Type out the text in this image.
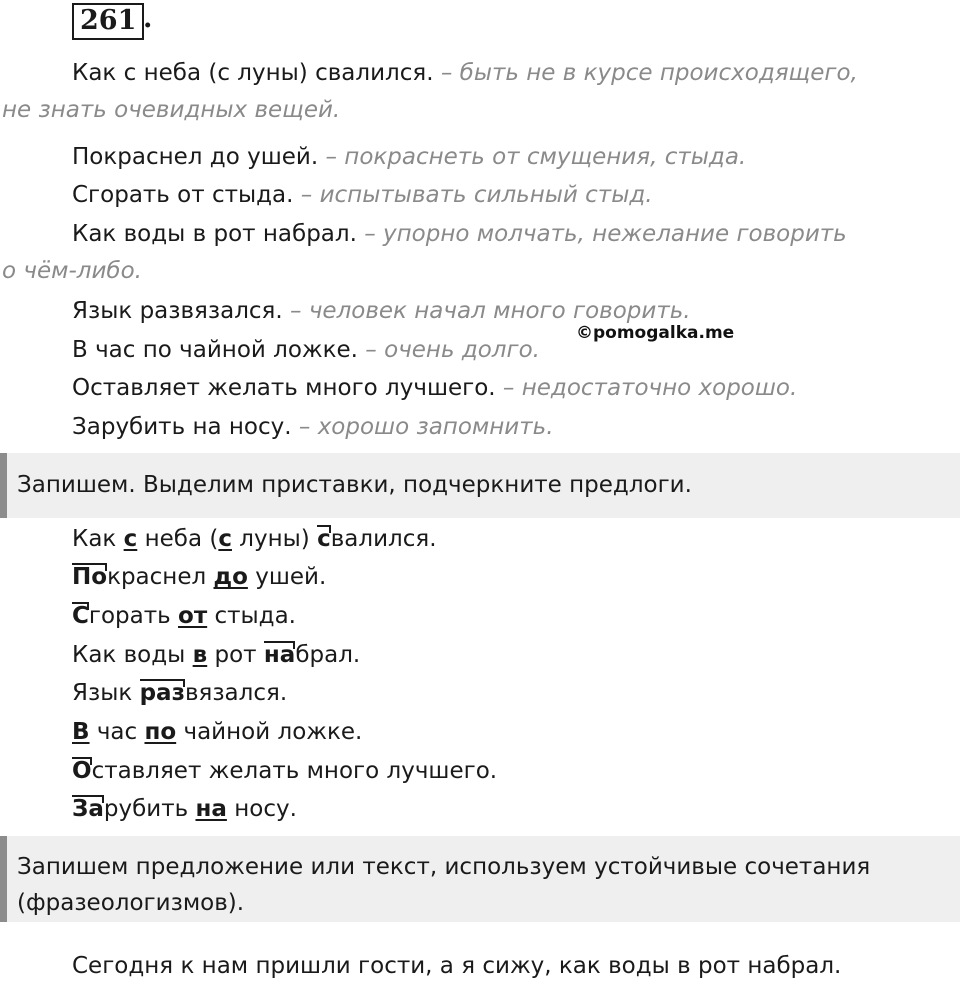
261 .
Как с неба (с луны) свалился. – быть не в курсе происходящего,
не знать очевидных вещей.
Покраснел до ушей. – покраснеть от смущения, стыда.
Сгорать от стыда. – испытывать сильный стыд.
Как воды в рот набрал. – упорно молчать, нежелание говорить
о чём-либо.
Язык развязался. – человек начал много говорить.
В час по чайной ложке. – очень долго.
©pomogalka.me
Оставляет желать много лучшего. – недостаточно хорошо.
Зарубить на носу. – хорошо запомнить.
Запишем. Выделим приставки, подчеркните предлоги.
Как с неба (с луны) свалился.
Покраснел до ушей.
Сгорать от стыда.
Как воды в рот набрал.
Язык развязался.
В час по чайной ложке.
Оставляет желать много лучшего.
Зарубить на носу.
Запишем предложение или текст, используем устойчивые сочетания
(фразеологизмов).
Сегодня к нам пришли гости, а я сижу, как воды в рот набрал.
